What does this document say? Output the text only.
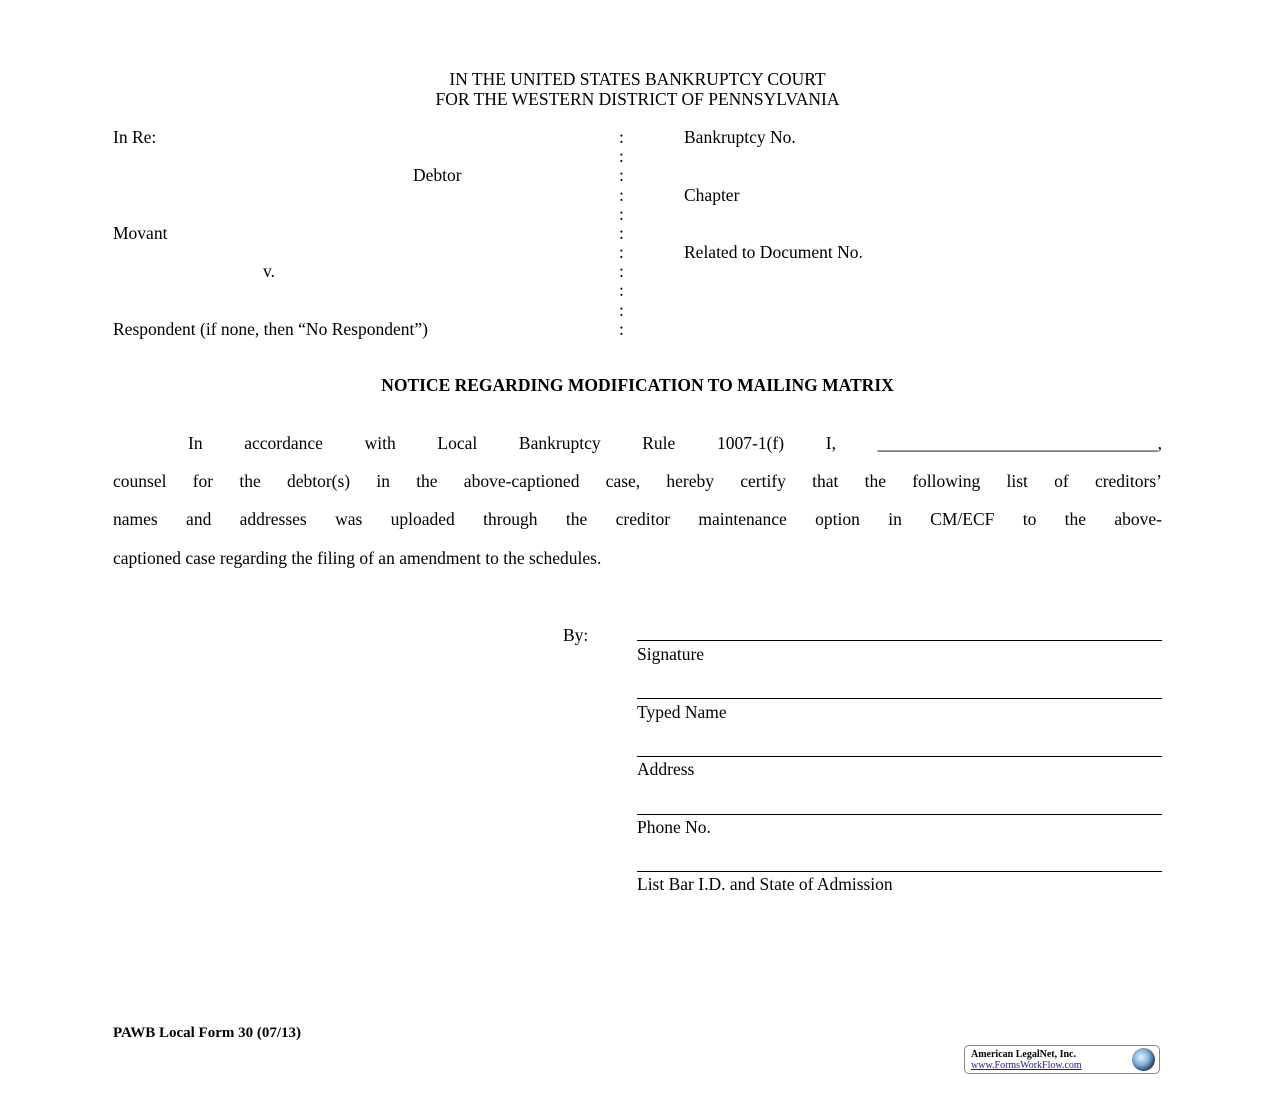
IN THE UNITED STATES BANKRUPTCY COURT
FOR THE WESTERN DISTRICT OF PENNSYLVANIA
In Re:
Debtor
Movant
v.
Respondent (if none, then “No Respondent”)
:
:
:
:
:
:
:
:
:
:
:
Bankruptcy No.
Chapter
Related to Document No.
NOTICE REGARDING MODIFICATION TO MAILING MATRIX
In accordance with Local Bankruptcy Rule 1007-1(f) I, ________________________________,
counsel for the debtor(s) in the above-captioned case, hereby certify that the following list of creditors’
names and addresses was uploaded through the creditor maintenance option in CM/ECF to the above-
captioned case regarding the filing of an amendment to the schedules.
By:
Signature
Typed Name
Address
Phone No.
List Bar I.D. and State of Admission
PAWB Local Form 30 (07/13)
American LegalNet, Inc.
www.FormsWorkFlow.com
